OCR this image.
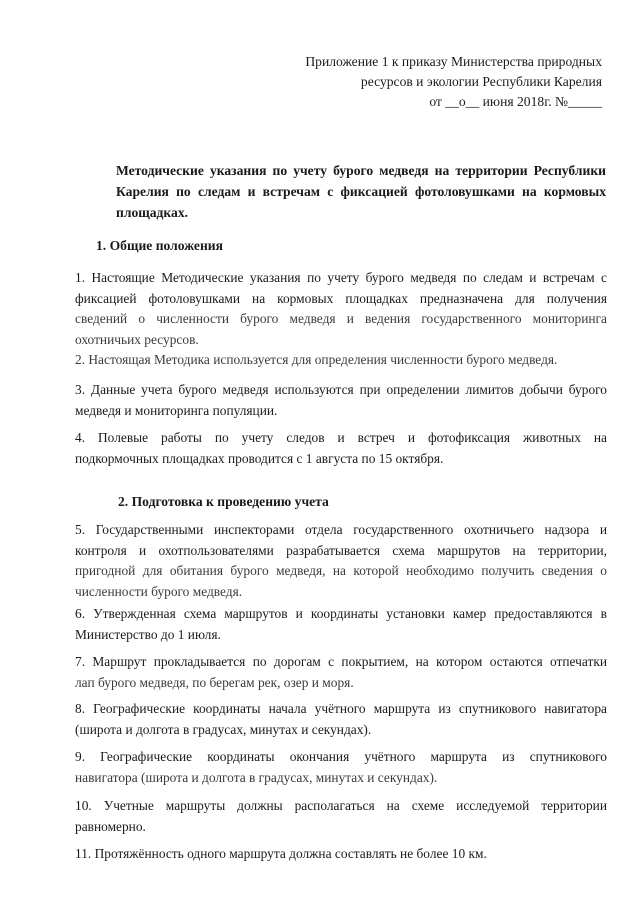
Приложение 1 к приказу Министерства природных
ресурсов и экологии Республики Карелия
от __о__ июня 2018г. №_____
Методические указания по учету бурого медведя на территории Республики
Карелия по следам и встречам с фиксацией фотоловушками на кормовых
площадках.
1. Общие положения
1. Настоящие Методические указания по учету бурого медведя по следам и встречам с
фиксацией фотоловушками на кормовых площадках предназначена для получения
сведений о численности бурого медведя и ведения государственного мониторинга
охотничьих ресурсов.
2. Настоящая Методика используется для определения численности бурого медведя.
3. Данные учета бурого медведя используются при определении лимитов добычи бурого
медведя и мониторинга популяции.
4. Полевые работы по учету следов и встреч и фотофиксация животных на
подкормочных площадках проводится с 1 августа по 15 октября.
2. Подготовка к проведению учета
5. Государственными инспекторами отдела государственного охотничьего надзора и
контроля и охотпользователями разрабатывается схема маршрутов на территории,
пригодной для обитания бурого медведя, на которой необходимо получить сведения о
численности бурого медведя.
6. Утвержденная схема маршрутов и координаты установки камер предоставляются в
Министерство до 1 июля.
7. Маршрут прокладывается по дорогам с покрытием, на котором остаются отпечатки
лап бурого медведя, по берегам рек, озер и моря.
8. Географические координаты начала учётного маршрута из спутникового навигатора
(широта и долгота в градусах, минутах и секундах).
9. Географические координаты окончания учётного маршрута из спутникового
навигатора (широта и долгота в градусах, минутах и секундах).
10. Учетные маршруты должны располагаться на схеме исследуемой территории
равномерно.
11. Протяжённость одного маршрута должна составлять не более 10 км.
